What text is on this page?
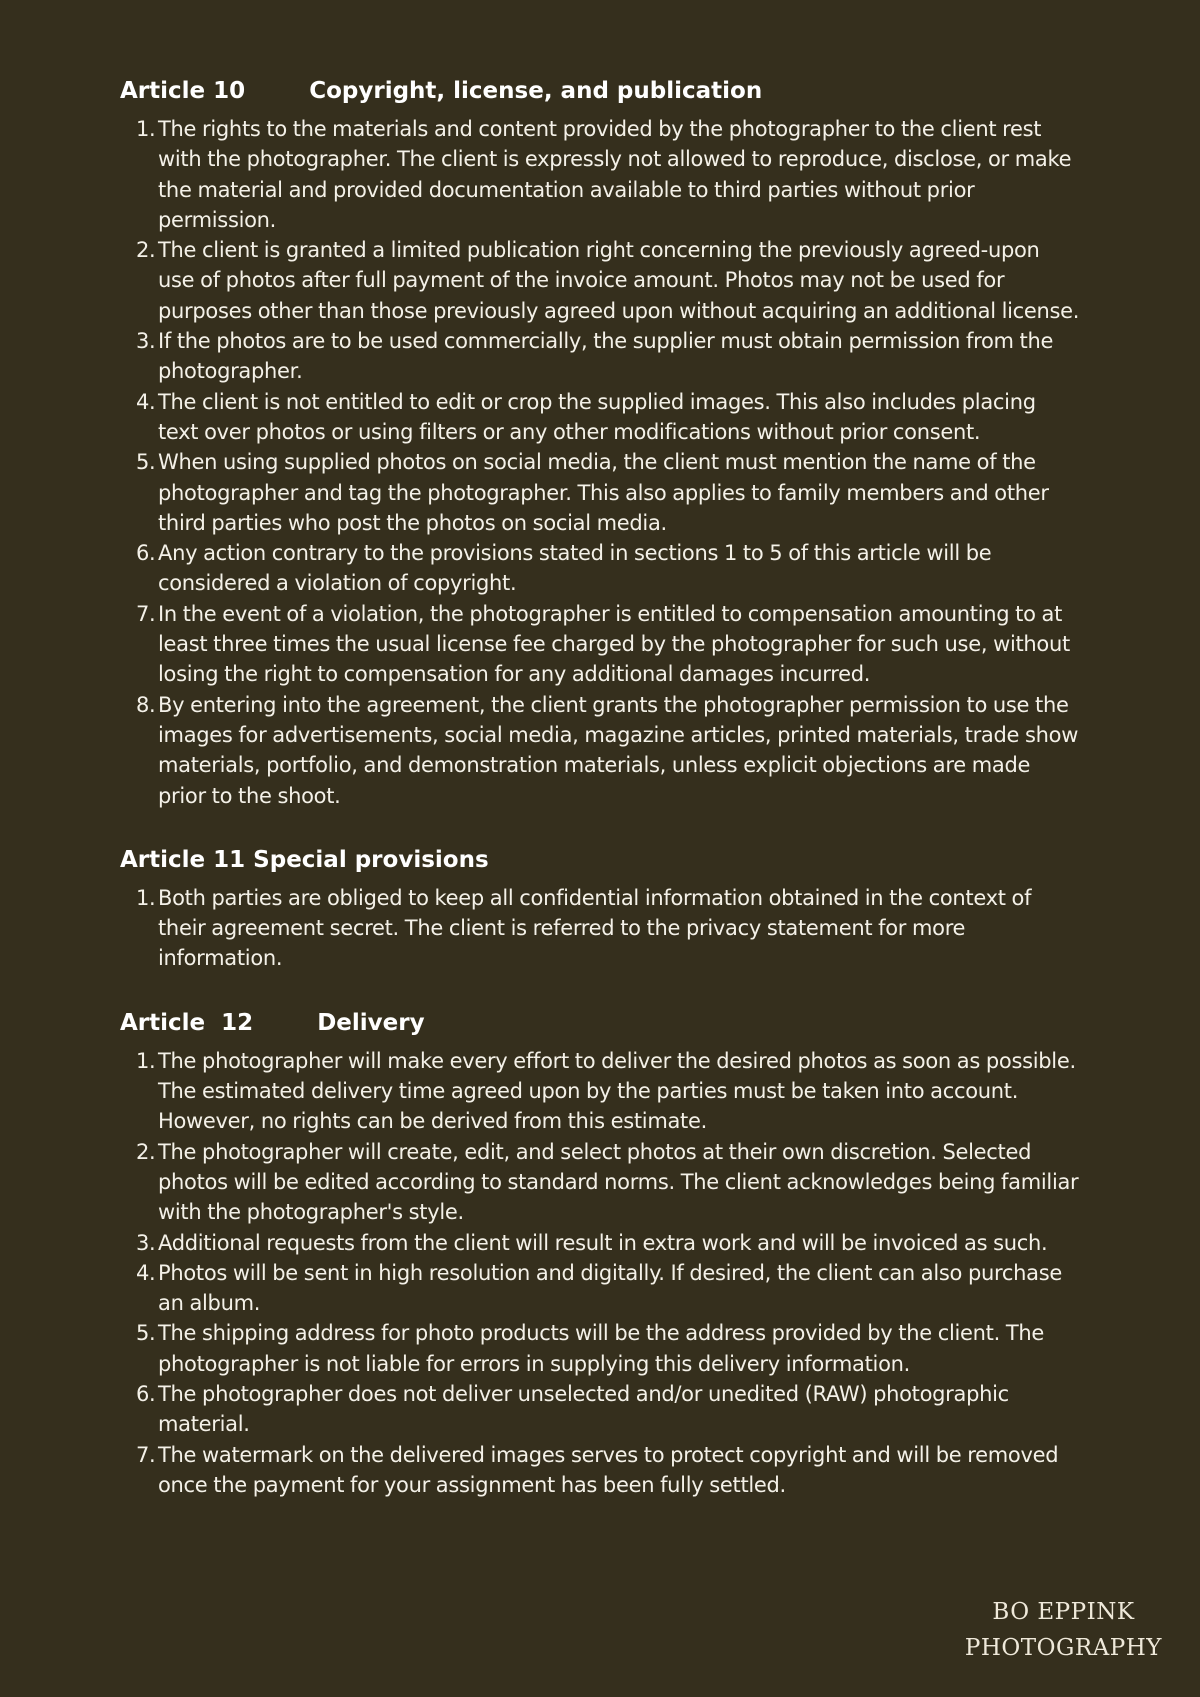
Article 10        Copyright, license, and publication
1. The rights to the materials and content provided by the photographer to the client rest with the photographer. The client is expressly not allowed to reproduce, disclose, or make the material and provided documentation available to third parties without prior permission.
2. The client is granted a limited publication right concerning the previously agreed-upon use of photos after full payment of the invoice amount. Photos may not be used for purposes other than those previously agreed upon without acquiring an additional license.
3. If the photos are to be used commercially, the supplier must obtain permission from the photographer.
4. The client is not entitled to edit or crop the supplied images. This also includes placing text over photos or using filters or any other modifications without prior consent.
5. When using supplied photos on social media, the client must mention the name of the photographer and tag the photographer. This also applies to family members and other third parties who post the photos on social media.
6. Any action contrary to the provisions stated in sections 1 to 5 of this article will be considered a violation of copyright.
7. In the event of a violation, the photographer is entitled to compensation amounting to at least three times the usual license fee charged by the photographer for such use, without losing the right to compensation for any additional damages incurred.
8. By entering into the agreement, the client grants the photographer permission to use the images for advertisements, social media, magazine articles, printed materials, trade show materials, portfolio, and demonstration materials, unless explicit objections are made prior to the shoot.
Article 11 Special provisions
1. Both parties are obliged to keep all confidential information obtained in the context of their agreement secret. The client is referred to the privacy statement for more information.
Article  12        Delivery
1. The photographer will make every effort to deliver the desired photos as soon as possible. The estimated delivery time agreed upon by the parties must be taken into account. However, no rights can be derived from this estimate.
2. The photographer will create, edit, and select photos at their own discretion. Selected photos will be edited according to standard norms. The client acknowledges being familiar with the photographer's style.
3. Additional requests from the client will result in extra work and will be invoiced as such.
4. Photos will be sent in high resolution and digitally. If desired, the client can also purchase an album.
5. The shipping address for photo products will be the address provided by the client. The photographer is not liable for errors in supplying this delivery information.
6. The photographer does not deliver unselected and/or unedited (RAW) photographic material.
7. The watermark on the delivered images serves to protect copyright and will be removed once the payment for your assignment has been fully settled.
BO EPPINK
PHOTOGRAPHY
